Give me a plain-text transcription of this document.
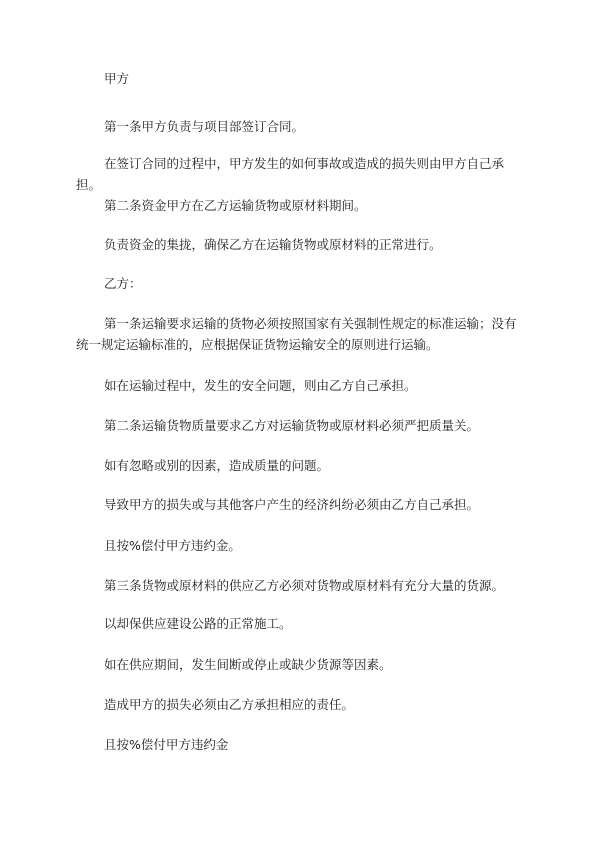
甲方

第一条甲方负责与项目部签订合同。

在签订合同的过程中，甲方发生的如何事故或造成的损失则由甲方自己承担。

第二条资金甲方在乙方运输货物或原材料期间。

负责资金的集拢，确保乙方在运输货物或原材料的正常进行。

乙方：

第一条运输要求运输的货物必须按照国家有关强制性规定的标准运输；没有统一规定运输标准的，应根据保证货物运输安全的原则进行运输。

如在运输过程中，发生的安全问题，则由乙方自己承担。

第二条运输货物质量要求乙方对运输货物或原材料必须严把质量关。

如有忽略或别的因素，造成质量的问题。

导致甲方的损失或与其他客户产生的经济纠纷必须由乙方自己承担。

且按%偿付甲方违约金。

第三条货物或原材料的供应乙方必须对货物或原材料有充分大量的货源。

以却保供应建设公路的正常施工。

如在供应期间，发生间断或停止或缺少货源等因素。

造成甲方的损失必须由乙方承担相应的责任。

且按%偿付甲方违约金
